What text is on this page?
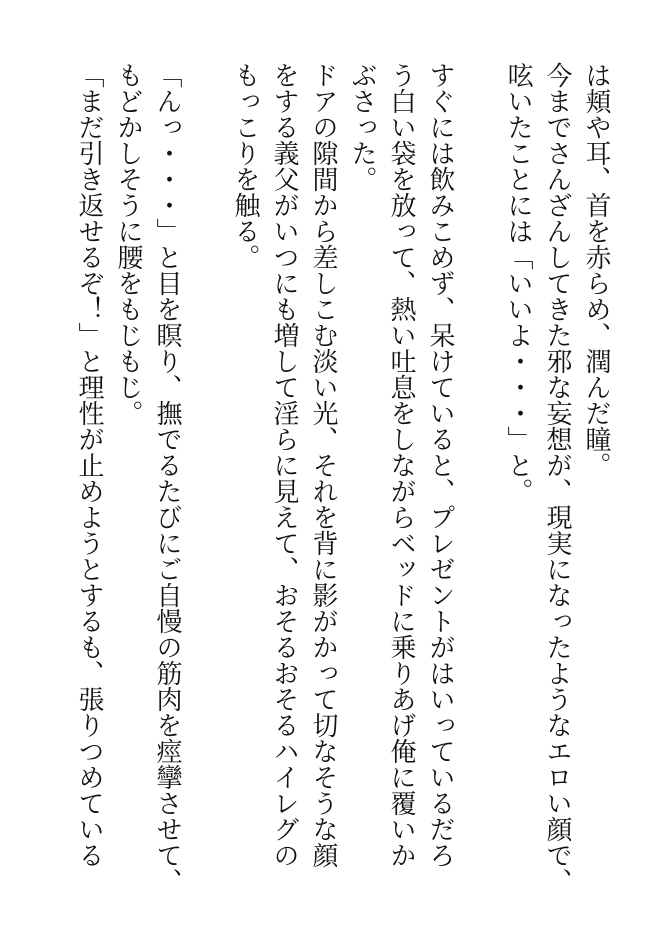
は頬や耳、首を赤らめ、潤んだ瞳。
今までさんざんしてきた邪な妄想が、現実になったようなエロい顔で、
呟いたことには「いいよ・・・」と。
すぐには飲みこめず、呆けていると、プレゼントがはいっているだろ
う白い袋を放って、熱い吐息をしながらベッドに乗りあげ俺に覆いか
ぶさった。
ドアの隙間から差しこむ淡い光、それを背に影がかって切なそうな顔
をする義父がいつにも増して淫らに見えて、おそるおそるハイレグの
もっこりを触る。
「んっ・・・」と目を瞑り、撫でるたびにご自慢の筋肉を痙攣させて、
もどかしそうに腰をもじもじ。
「まだ引き返せるぞ！」と理性が止めようとするも、張りつめている
